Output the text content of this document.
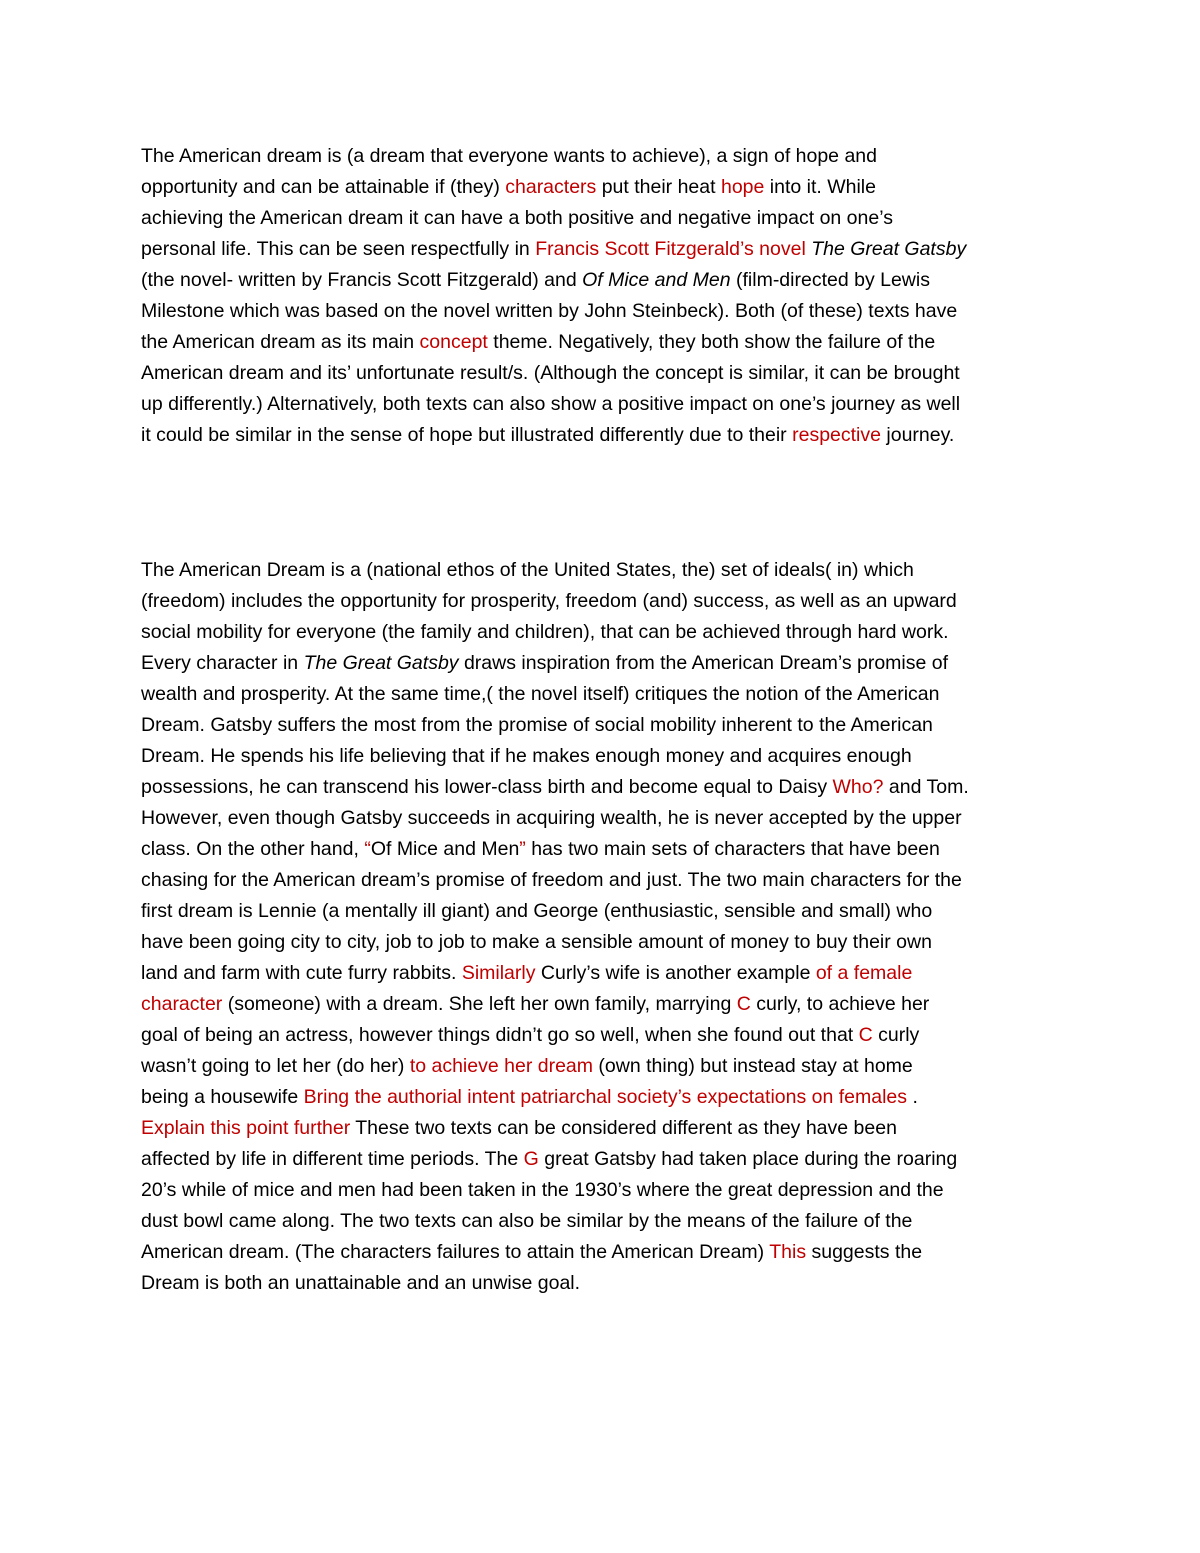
The American dream is (a dream that everyone wants to achieve), a sign of hope and
opportunity and can be attainable if (they) characters put their heat hope into it. While
achieving the American dream it can have a both positive and negative impact on one’s
personal life. This can be seen respectfully in Francis Scott Fitzgerald’s novel The Great Gatsby
(the novel- written by Francis Scott Fitzgerald) and Of Mice and Men (film-directed by Lewis
Milestone which was based on the novel written by John Steinbeck). Both (of these) texts have
the American dream as its main concept theme. Negatively, they both show the failure of the
American dream and its’ unfortunate result/s. (Although the concept is similar, it can be brought
up differently.) Alternatively, both texts can also show a positive impact on one’s journey as well
it could be similar in the sense of hope but illustrated differently due to their respective journey.

The American Dream is a (national ethos of the United States, the) set of ideals( in) which
(freedom) includes the opportunity for prosperity, freedom (and) success, as well as an upward
social mobility for everyone (the family and children), that can be achieved through hard work.
Every character in The Great Gatsby draws inspiration from the American Dream’s promise of
wealth and prosperity. At the same time,( the novel itself) critiques the notion of the American
Dream. Gatsby suffers the most from the promise of social mobility inherent to the American
Dream. He spends his life believing that if he makes enough money and acquires enough
possessions, he can transcend his lower-class birth and become equal to Daisy Who? and Tom.
However, even though Gatsby succeeds in acquiring wealth, he is never accepted by the upper
class. On the other hand, “Of Mice and Men” has two main sets of characters that have been
chasing for the American dream’s promise of freedom and just. The two main characters for the
first dream is Lennie (a mentally ill giant) and George (enthusiastic, sensible and small) who
have been going city to city, job to job to make a sensible amount of money to buy their own
land and farm with cute furry rabbits. Similarly Curly’s wife is another example of a female
character (someone) with a dream. She left her own family, marrying C curly, to achieve her
goal of being an actress, however things didn’t go so well, when she found out that C curly
wasn’t going to let her (do her) to achieve her dream (own thing) but instead stay at home
being a housewife Bring the authorial intent patriarchal society’s expectations on females .
Explain this point further These two texts can be considered different as they have been
affected by life in different time periods. The G great Gatsby had taken place during the roaring
20’s while of mice and men had been taken in the 1930’s where the great depression and the
dust bowl came along. The two texts can also be similar by the means of the failure of the
American dream. (The characters failures to attain the American Dream) This suggests the
Dream is both an unattainable and an unwise goal.
